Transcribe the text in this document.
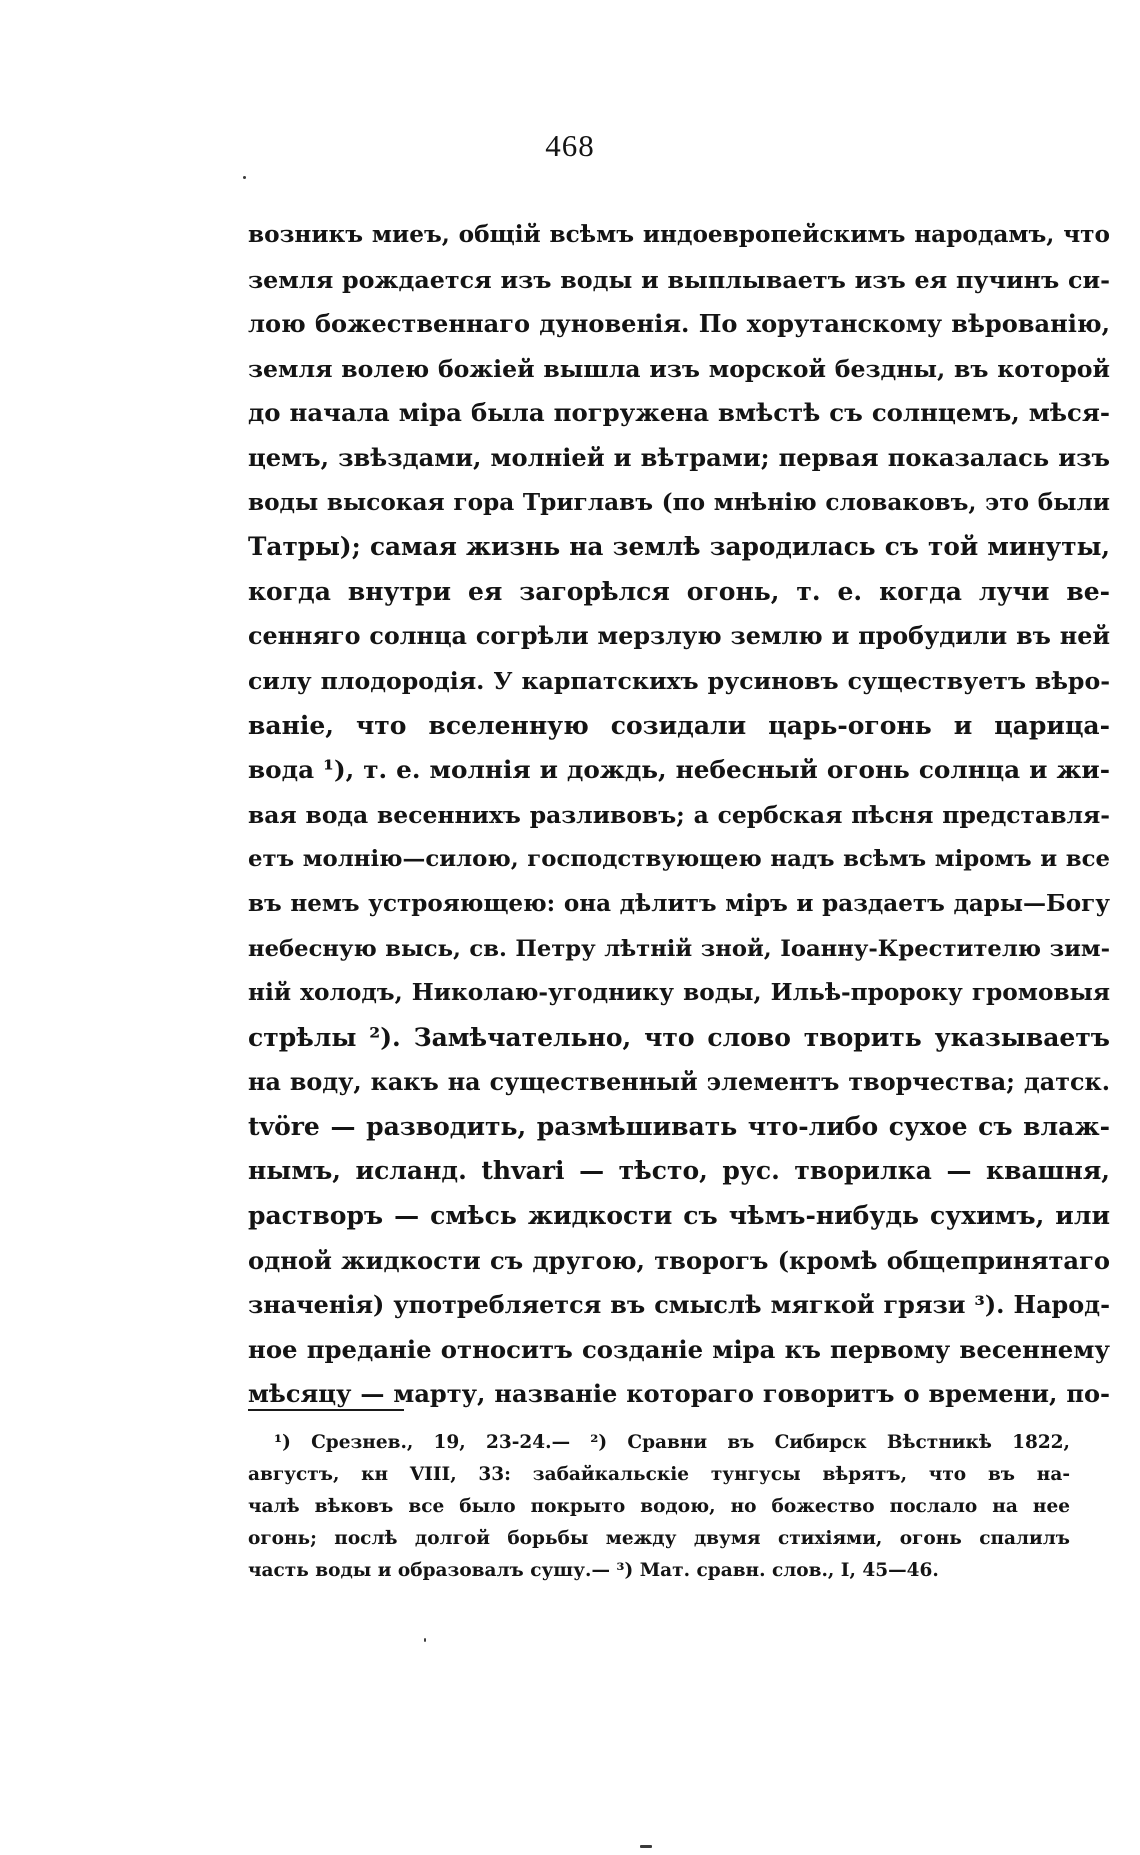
468
возникъ миеъ, общій всѣмъ индоевропейскимъ народамъ, что
земля рождается изъ воды и выплываетъ изъ ея пучинъ си-
лою божественнаго дуновенія. По хорутанскому вѣрованію,
земля волею божіей вышла изъ морской бездны, въ которой
до начала міра была погружена вмѣстѣ съ солнцемъ, мѣся-
цемъ, звѣздами, молніей и вѣтрами; первая показалась изъ
воды высокая гора Триглавъ (по мнѣнію словаковъ, это были
Татры); самая жизнь на землѣ зародилась съ той минуты,
когда внутри ея загорѣлся огонь, т. е. когда лучи ве-
сенняго солнца согрѣли мерзлую землю и пробудили въ ней
силу плодородія. У карпатскихъ русиновъ существуетъ вѣро-
ваніе, что вселенную созидали царь-огонь и царица-
вода ¹), т. е. молнія и дождь, небесный огонь солнца и жи-
вая вода весеннихъ разливовъ; а сербская пѣсня представля-
етъ молнію—силою, господствующею надъ всѣмъ міромъ и все
въ немъ устрояющею: она дѣлитъ міръ и раздаетъ дары—Богу
небесную высь, св. Петру лѣтній зной, Іоанну-Крестителю зим-
ній холодъ, Николаю-угоднику воды, Ильѣ-пророку громовыя
стрѣлы ²). Замѣчательно, что слово творить указываетъ
на воду, какъ на существенный элементъ творчества; датск.
tvöre — разводить, размѣшивать что-либо сухое съ влаж-
нымъ, исланд. thvari — тѣсто, рус. творилка — квашня,
растворъ — смѣсь жидкости съ чѣмъ-нибудь сухимъ, или
одной жидкости съ другою, творогъ (кромѣ общепринятаго
значенія) употребляется въ смыслѣ мягкой грязи ³). Народ-
ное преданіе относитъ созданіе міра къ первому весеннему
мѣсяцу — марту, названіе котораго говоритъ о времени, по-
¹) Срезнев., 19, 23-24.— ²) Сравни въ Сибирск Вѣстникѣ 1822,
августъ, кн VIII, 33: забайкальскіе тунгусы вѣрятъ, что въ на-
чалѣ вѣковъ все было покрыто водою, но божество послало на нее
огонь; послѣ долгой борьбы между двумя стихіями, огонь спалилъ
часть воды и образовалъ сушу.— ³) Мат. сравн. слов., I, 45—46.
